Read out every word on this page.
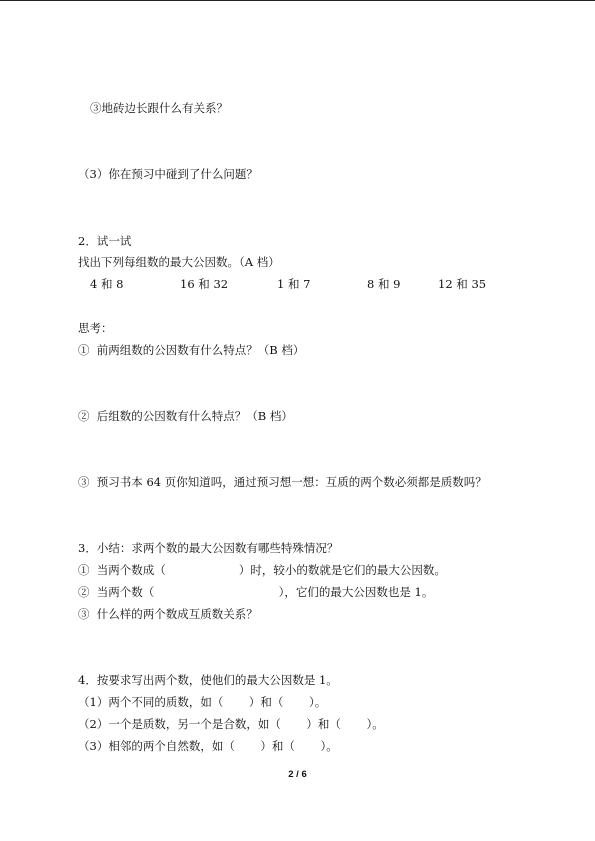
③地砖边长跟什么有关系？
（3）你在预习中碰到了什么问题？
2．试一试
找出下列每组数的最大公因数。（A 档）
4 和 8	16 和 32	1 和 7	8 和 9	12 和 35
思考：
①  前两组数的公因数有什么特点？（B 档）
②  后组数的公因数有什么特点？（B 档）
③  预习书本 64 页你知道吗，通过预习想一想：互质的两个数必须都是质数吗？
3．小结：求两个数的最大公因数有哪些特殊情况？
①  当两个数成（                    ）时，较小的数就是它们的最大公因数。
②  当两个数（                                  ），它们的最大公因数也是 1。
③  什么样的两个数成互质数关系？
4．按要求写出两个数，使他们的最大公因数是 1。
（1）两个不同的质数，如（       ）和（       ）。
（2）一个是质数，另一个是合数，如（       ）和（       ）。
（3）相邻的两个自然数，如（       ）和（       ）。
2 / 6
